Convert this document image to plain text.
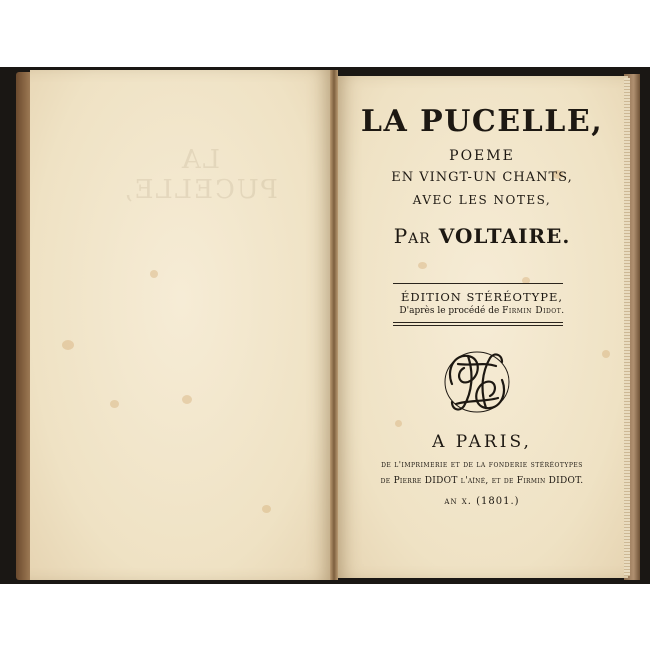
LA PUCELLE,
LA PUCELLE,
POEME
EN VINGT-UN CHANTS,
AVEC LES NOTES,
Par VOLTAIRE.
ÉDITION STÉRÉOTYPE,
D'après le procédé de Firmin Didot.
A PARIS,
de l'imprimerie et de la fonderie stéréotypes
de Pierre DIDOT l'aîné, et de Firmin DIDOT.
an x. (1801.)
